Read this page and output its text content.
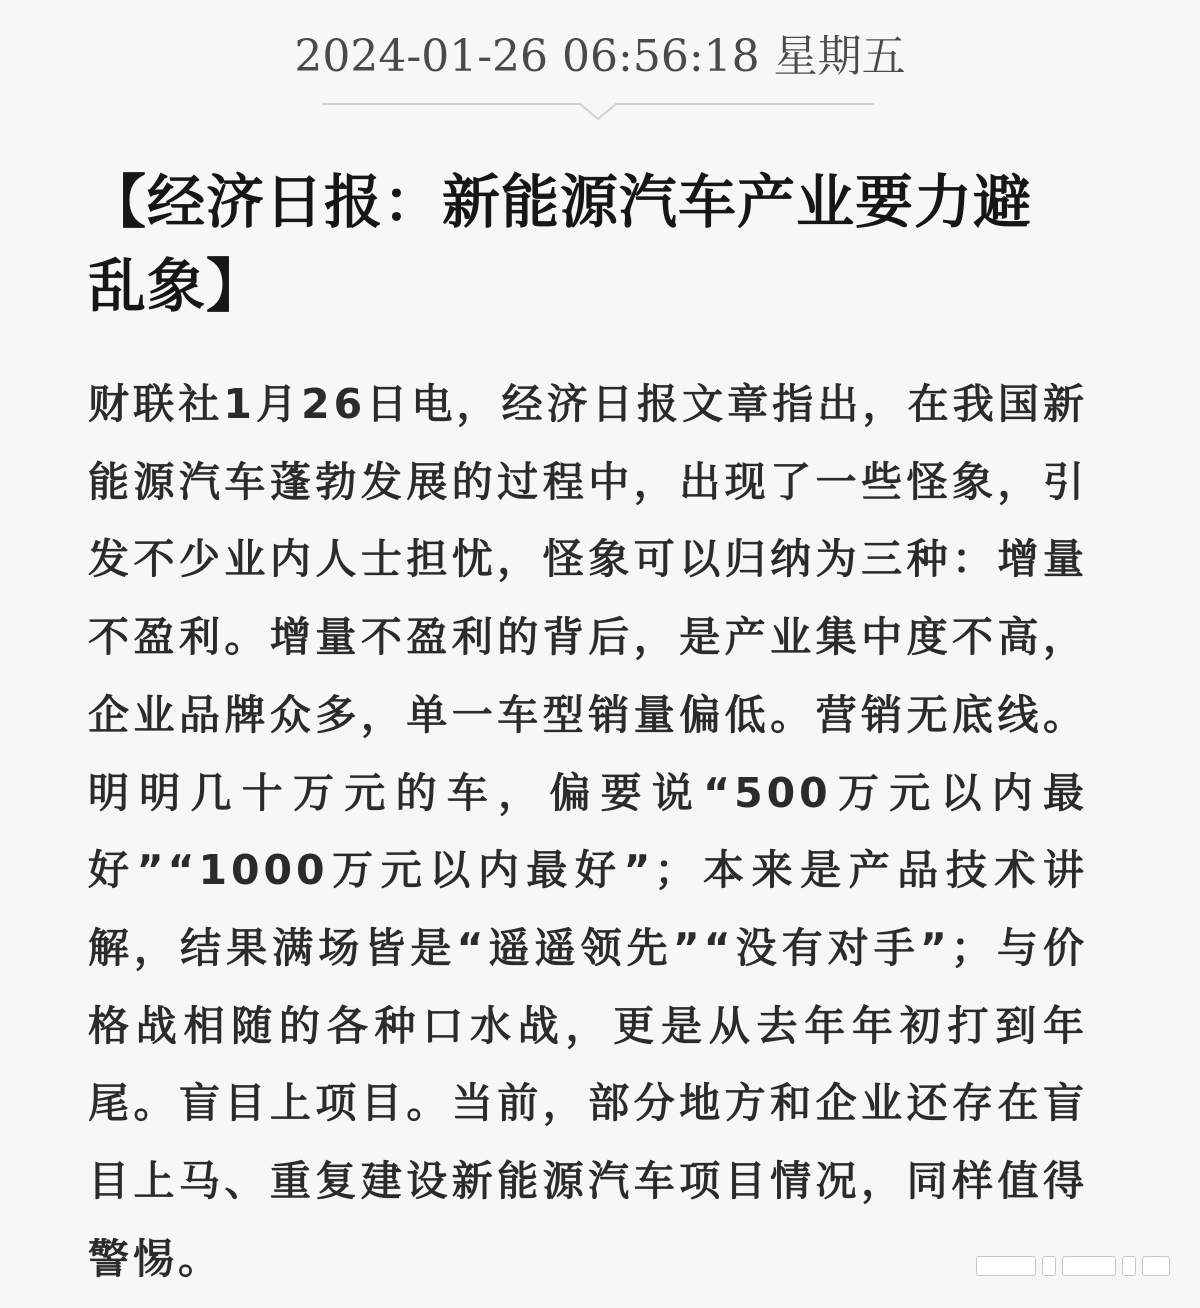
2024-01-26 06:56:18 星期五
【经济日报：新能源汽车产业要力避乱象】

财联社1月26日电，经济日报文章指出，在我国新能源汽车蓬勃发展的过程中，出现了一些怪象，引发不少业内人士担忧，怪象可以归纳为三种：增量不盈利。增量不盈利的背后，是产业集中度不高，企业品牌众多，单一车型销量偏低。营销无底线。明明几十万元的车，偏要说“500万元以内最好”“1000万元以内最好”；本来是产品技术讲解，结果满场皆是“遥遥领先”“没有对手”；与价格战相随的各种口水战，更是从去年年初打到年尾。盲目上项目。当前，部分地方和企业还存在盲目上马、重复建设新能源汽车项目情况，同样值得警惕。
